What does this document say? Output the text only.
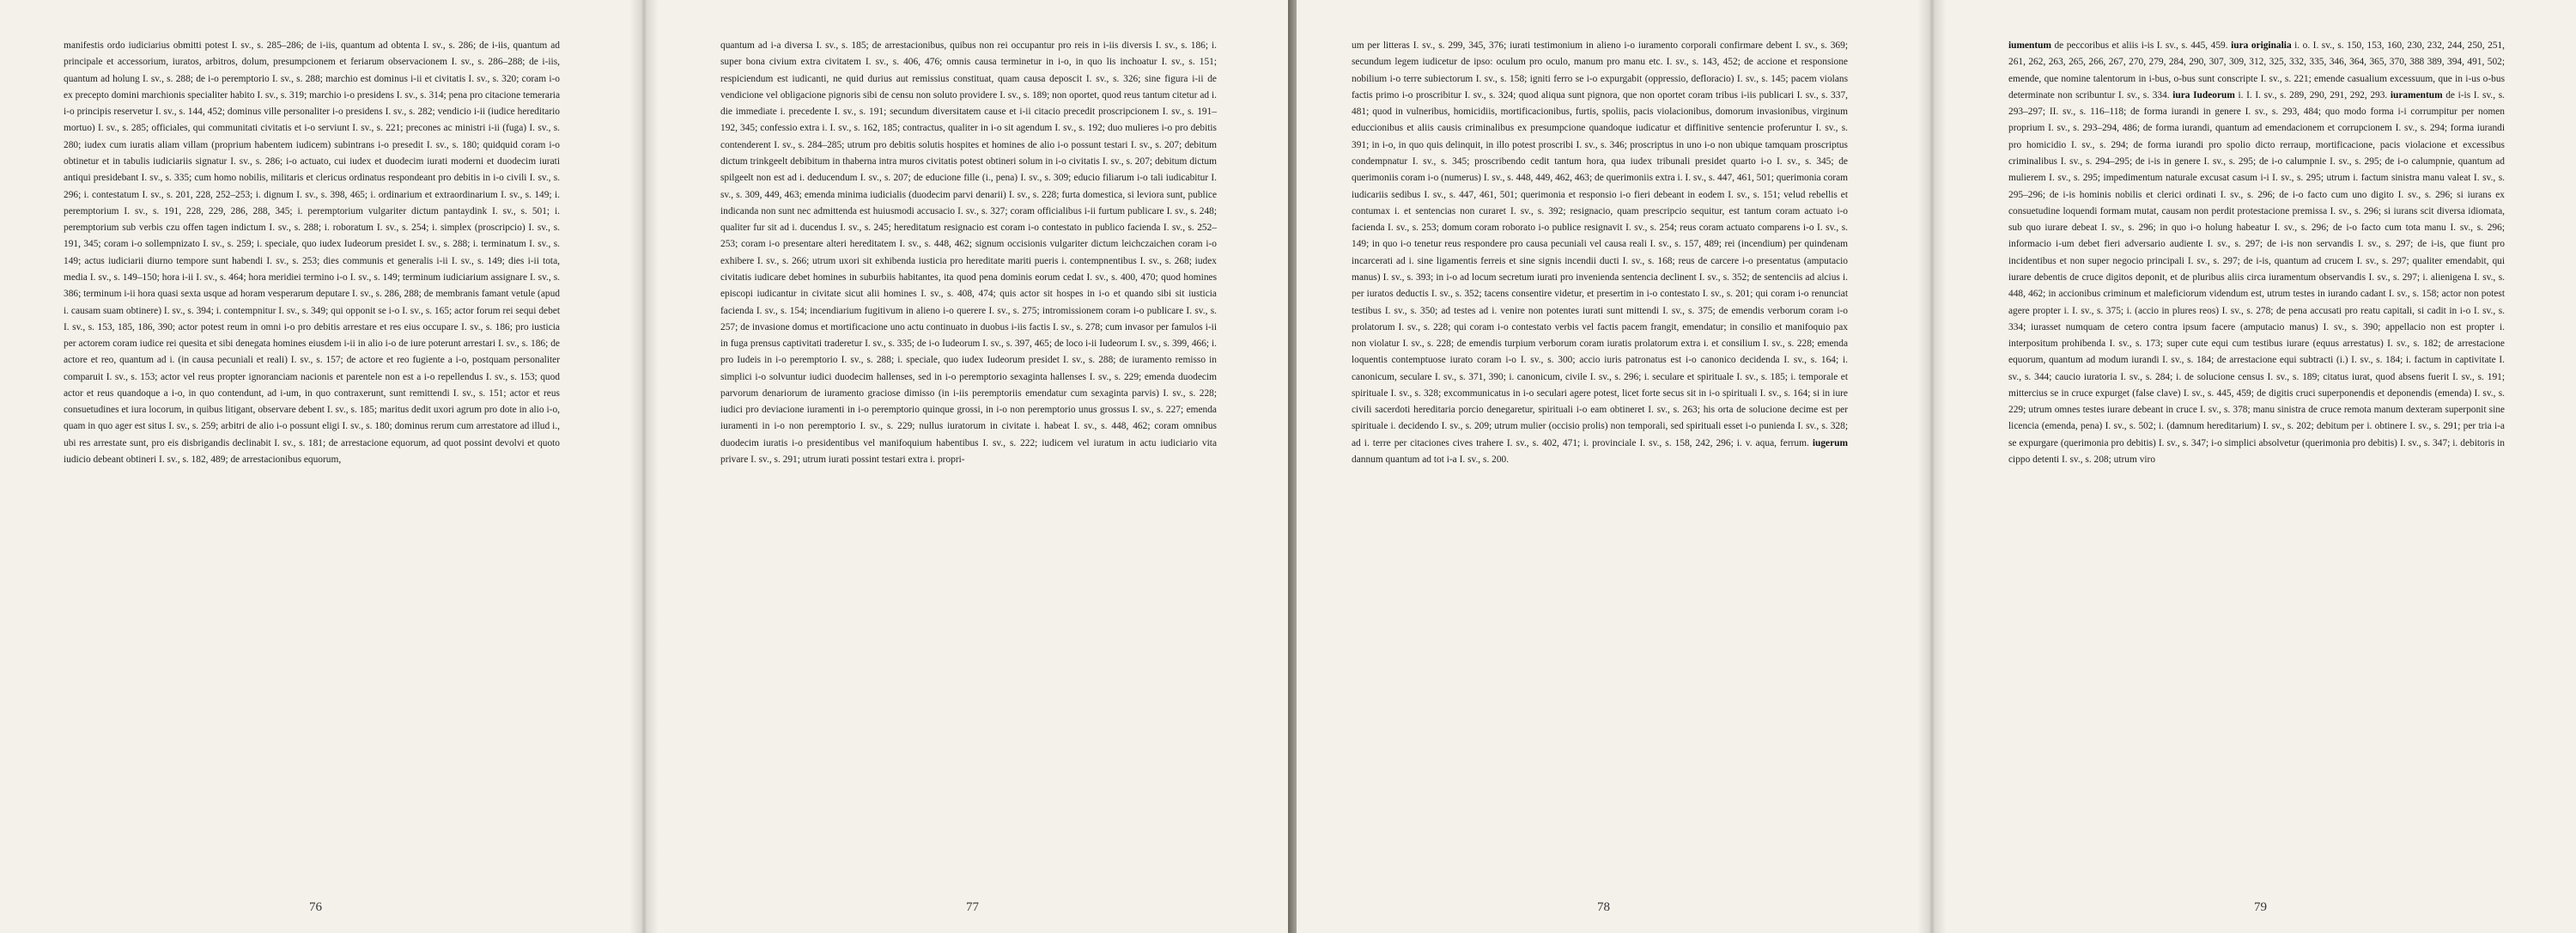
manifestis ordo iudiciarius obmitti potest I. sv., s. 285–286; de i-iis, quantum ad obtenta I. sv., s. 286; de i-iis, quantum ad principale et accessorium, iuratos, arbitros, dolum, presumpcionem et feriarum observacionem I. sv., s. 286–288; de i-iis, quantum ad holung I. sv., s. 288; de i-o peremptorio I. sv., s. 288; marchio est dominus i-ii et civitatis I. sv., s. 320; coram i-o ex precepto domini marchionis specialiter habito I. sv., s. 319; marchio i-o presidens I. sv., s. 314; pena pro citacione temeraria i-o principis reservetur I. sv., s. 144, 452; dominus ville personaliter i-o presidens I. sv., s. 282; vendicio i-ii (iudice hereditario mortuo) I. sv., s. 285; officiales, qui communitati civitatis et i-o serviunt I. sv., s. 221; precones ac ministri i-ii (fuga) I. sv., s. 280; iudex cum iuratis aliam villam (proprium habentem iudicem) subintrans i-o presedit I. sv., s. 180; quidquid coram i-o obtinetur et in tabulis iudiciariis signatur I. sv., s. 286; i-o actuato, cui iudex et duodecim iurati moderni et duodecim iurati antiqui presidebant I. sv., s. 335; cum homo nobilis, militaris et clericus ordinatus respondeant pro debitis in i-o civili I. sv., s. 296; i. contestatum I. sv., s. 201, 228, 252–253; i. dignum I. sv., s. 398, 465; i. ordinarium et extraordinarium I. sv., s. 149; i. peremptorium I. sv., s. 191, 228, 229, 286, 288, 345; i. peremptorium vulgariter dictum pantaydink I. sv., s. 501; i. peremptorium sub verbis czu offen tagen indictum I. sv., s. 288; i. roboratum I. sv., s. 254; i. simplex (proscripcio) I. sv., s. 191, 345; coram i-o sollempnizato I. sv., s. 259; i. speciale, quo iudex Iudeorum presidet I. sv., s. 288; i. terminatum I. sv., s. 149; actus iudiciarii diurno tempore sunt habendi I. sv., s. 253; dies communis et generalis i-ii I. sv., s. 149; dies i-ii tota, media I. sv., s. 149–150; hora i-ii I. sv., s. 464; hora meridiei termino i-o I. sv., s. 149; terminum iudiciarium assignare I. sv., s. 386; terminum i-ii hora quasi sexta usque ad horam vesperarum deputare I. sv., s. 286, 288; de membranis famant vetule (apud i. causam suam obtinere) I. sv., s. 394; i. contempnitur I. sv., s. 349; qui opponit se i-o I. sv., s. 165; actor forum rei sequi debet I. sv., s. 153, 185, 186, 390; actor potest reum in omni i-o pro debitis arrestare et res eius occupare I. sv., s. 186; pro iusticia per actorem coram iudice rei quesita et sibi denegata homines eiusdem i-ii in alio i-o de iure poterunt arrestari I. sv., s. 186; de actore et reo, quantum ad i. (in causa pecuniali et reali) I. sv., s. 157; de actore et reo fugiente a i-o, postquam personaliter comparuit I. sv., s. 153; actor vel reus propter ignoranciam nacionis et parentele non est a i-o repellendus I. sv., s. 153; quod actor et reus quandoque a i-o, in quo contendunt, ad i-um, in quo contraxerunt, sunt remittendi I. sv., s. 151; actor et reus consuetudines et iura locorum, in quibus litigant, observare debent I. sv., s. 185; maritus dedit uxori agrum pro dote in alio i-o, quam in quo ager est situs I. sv., s. 259; arbitri de alio i-o possunt eligi I. sv., s. 180; dominus rerum cum arrestatore ad illud i., ubi res arrestate sunt, pro eis disbrigandis declinabit I. sv., s. 181; de arrestacione equorum, ad quot possint devolvi et quoto iudicio debeant obtineri I. sv., s. 182, 489; de arrestacionibus equorum,
76
quantum ad i-a diversa I. sv., s. 185; de arrestacionibus, quibus non rei occupantur pro reis in i-iis diversis I. sv., s. 186; i. super bona civium extra civitatem I. sv., s. 406, 476; omnis causa terminetur in i-o, in quo lis inchoatur I. sv., s. 151; respiciendum est iudicanti, ne quid durius aut remissius constituat, quam causa deposcit I. sv., s. 326; sine figura i-ii de vendicione vel obligacione pignoris sibi de censu non soluto providere I. sv., s. 189; non oportet, quod reus tantum citetur ad i. die immediate i. precedente I. sv., s. 191; secundum diversitatem cause et i-ii citacio precedit proscripcionem I. sv., s. 191–192, 345; confessio extra i. I. sv., s. 162, 185; contractus, qualiter in i-o sit agendum I. sv., s. 192; duo mulieres i-o pro debitis contenderent I. sv., s. 284–285; utrum pro debitis solutis hospites et homines de alio i-o possunt testari I. sv., s. 207; debitum dictum trinkgeelt debibitum in thaberna intra muros civitatis potest obtineri solum in i-o civitatis I. sv., s. 207; debitum dictum spilgeelt non est ad i. deducendum I. sv., s. 207; de educione fille (i., pena) I. sv., s. 309; educio filiarum i-o tali iudicabitur I. sv., s. 309, 449, 463; emenda minima iudicialis (duodecim parvi denarii) I. sv., s. 228; furta domestica, si leviora sunt, publice indicanda non sunt nec admittenda est huiusmodi accusacio I. sv., s. 327; coram officialibus i-ii furtum publicare I. sv., s. 248; qualiter fur sit ad i. ducendus I. sv., s. 245; hereditatum resignacio est coram i-o contestato in publico facienda I. sv., s. 252–253; coram i-o presentare alteri hereditatem I. sv., s. 448, 462; signum occisionis vulgariter dictum leichczaichen coram i-o exhibere I. sv., s. 266; utrum uxori sit exhibenda iusticia pro hereditate mariti pueris i. contempnentibus I. sv., s. 268; iudex civitatis iudicare debet homines in suburbiis habitantes, ita quod pena dominis eorum cedat I. sv., s. 400, 470; quod homines episcopi iudicantur in civitate sicut alii homines I. sv., s. 408, 474; quis actor sit hospes in i-o et quando sibi sit iusticia facienda I. sv., s. 154; incendiarium fugitivum in alieno i-o querere I. sv., s. 275; intromissionem coram i-o publicare I. sv., s. 257; de invasione domus et mortificacione uno actu continuato in duobus i-iis factis I. sv., s. 278; cum invasor per famulos i-ii in fuga prensus captivitati traderetur I. sv., s. 335; de i-o Iudeorum I. sv., s. 397, 465; de loco i-ii Iudeorum I. sv., s. 399, 466; i. pro Iudeis in i-o peremptorio I. sv., s. 288; i. speciale, quo iudex Iudeorum presidet I. sv., s. 288; de iuramento remisso in simplici i-o solvuntur iudici duodecim hallenses, sed in i-o peremptorio sexaginta hallenses I. sv., s. 229; emenda duodecim parvorum denariorum de iuramento graciose dimisso (in i-iis peremptoriis emendatur cum sexaginta parvis) I. sv., s. 228; iudici pro deviacione iuramenti in i-o peremptorio quinque grossi, in i-o non peremptorio unus grossus I. sv., s. 227; emenda iuramenti in i-o non peremptorio I. sv., s. 229; nullus iuratorum in civitate i. habeat I. sv., s. 448, 462; coram omnibus duodecim iuratis i-o presidentibus vel manifoquium habentibus I. sv., s. 222; iudicem vel iuratum in actu iudiciario vita privare I. sv., s. 291; utrum iurati possint testari extra i. propri-
77
um per litteras I. sv., s. 299, 345, 376; iurati testimonium in alieno i-o iuramento corporali confirmare debent I. sv., s. 369; secundum legem iudicetur de ipso: oculum pro oculo, manum pro manu etc. I. sv., s. 143, 452; de accione et responsione nobilium i-o terre subiectorum I. sv., s. 158; igniti ferro se i-o expurgabit (oppressio, defloracio) I. sv., s. 145; pacem violans factis primo i-o proscribitur I. sv., s. 324; quod aliqua sunt pignora, que non oportet coram tribus i-iis publicari I. sv., s. 337, 481; quod in vulneribus, homicidiis, mortificacionibus, furtis, spoliis, pacis violacionibus, domorum invasionibus, virginum educcionibus et aliis causis criminalibus ex presumpcione quandoque iudicatur et diffinitive sentencie proferuntur I. sv., s. 391; in i-o, in quo quis delinquit, in illo potest proscribi I. sv., s. 346; proscriptus in uno i-o non ubique tamquam proscriptus condempnatur I. sv., s. 345; proscribendo cedit tantum hora, qua iudex tribunali presidet quarto i-o I. sv., s. 345; de querimoniis coram i-o (numerus) I. sv., s. 448, 449, 462, 463; de querimoniis extra i. I. sv., s. 447, 461, 501; querimonia coram iudicariis sedibus I. sv., s. 447, 461, 501; querimonia et responsio i-o fieri debeant in eodem I. sv., s. 151; velud rebellis et contumax i. et sentencias non curaret I. sv., s. 392; resignacio, quam prescripcio sequitur, est tantum coram actuato i-o facienda I. sv., s. 253; domum coram roborato i-o publice resignavit I. sv., s. 254; reus coram actuato comparens i-o I. sv., s. 149; in quo i-o tenetur reus respondere pro causa pecuniali vel causa reali I. sv., s. 157, 489; rei (incendium) per quindenam incarcerati ad i. sine ligamentis ferreis et sine signis incendii ducti I. sv., s. 168; reus de carcere i-o presentatus (amputacio manus) I. sv., s. 393; in i-o ad locum secretum iurati pro invenienda sentencia declinent I. sv., s. 352; de sentenciis ad alcius i. per iuratos deductis I. sv., s. 352; tacens consentire videtur, et presertim in i-o contestato I. sv., s. 201; qui coram i-o renunciat testibus I. sv., s. 350; ad testes ad i. venire non potentes iurati sunt mittendi I. sv., s. 375; de emendis verborum coram i-o prolatorum I. sv., s. 228; qui coram i-o contestato verbis vel factis pacem frangit, emendatur; in consilio et manifoquio pax non violatur I. sv., s. 228; de emendis turpium verborum coram iuratis prolatorum extra i. et consilium I. sv., s. 228; emenda loquentis contemptuose iurato coram i-o I. sv., s. 300; accio iuris patronatus est i-o canonico decidenda I. sv., s. 164; i. canonicum, seculare I. sv., s. 371, 390; i. canonicum, civile I. sv., s. 296; i. seculare et spirituale I. sv., s. 185; i. temporale et spirituale I. sv., s. 328; excommunicatus in i-o seculari agere potest, licet forte secus sit in i-o spirituali I. sv., s. 164; si in iure civili sacerdoti hereditaria porcio denegaretur, spirituali i-o eam obtineret I. sv., s. 263; his orta de solucione decime est per spirituale i. decidendo I. sv., s. 209; utrum mulier (occisio prolis) non temporali, sed spirituali esset i-o punienda I. sv., s. 328; ad i. terre per citaciones cives trahere I. sv., s. 402, 471; i. provinciale I. sv., s. 158, 242, 296; i. v. aqua, ferrum. iugerum dannum quantum ad tot i-a I. sv., s. 200.
78
iumentum de peccoribus et aliis i-is I. sv., s. 445, 459. iura originalia i. o. I. sv., s. 150, 153, 160, 230, 232, 244, 250, 251, 261, 262, 263, 265, 266, 267, 270, 279, 284, 290, 307, 309, 312, 325, 332, 335, 346, 364, 365, 370, 388 389, 394, 491, 502; emende, que nomine talentorum in i-bus, o-bus sunt conscripte I. sv., s. 221; emende casualium excessuum, que in i-us o-bus determinate non scribuntur I. sv., s. 334. iura Iudeorum i. I. I. sv., s. 289, 290, 291, 292, 293. iuramentum de i-is I. sv., s. 293–297; II. sv., s. 116–118; de forma iurandi in genere I. sv., s. 293, 484; quo modo forma i-i corrumpitur per nomen proprium I. sv., s. 293–294, 486; de forma iurandi, quantum ad emendacionem et corrupcionem I. sv., s. 294; forma iurandi pro homicidio I. sv., s. 294; de forma iurandi pro spolio dicto rerraup, mortificacione, pacis violacione et excessibus criminalibus I. sv., s. 294–295; de i-is in genere I. sv., s. 295; de i-o calumpnie I. sv., s. 295; de i-o calumpnie, quantum ad mulierem I. sv., s. 295; impedimentum naturale excusat casum i-i I. sv., s. 295; utrum i. factum sinistra manu valeat I. sv., s. 295–296; de i-is hominis nobilis et clerici ordinati I. sv., s. 296; de i-o facto cum uno digito I. sv., s. 296; si iurans ex consuetudine loquendi formam mutat, causam non perdit protestacione premissa I. sv., s. 296; si iurans scit diversa idiomata, sub quo iurare debeat I. sv., s. 296; in quo i-o holung habeatur I. sv., s. 296; de i-o facto cum tota manu I. sv., s. 296; informacio i-um debet fieri adversario audiente I. sv., s. 297; de i-is non servandis I. sv., s. 297; de i-is, que fiunt pro incidentibus et non super negocio principali I. sv., s. 297; de i-is, quantum ad crucem I. sv., s. 297; qualiter emendabit, qui iurare debentis de cruce digitos deponit, et de pluribus aliis circa iuramentum observandis I. sv., s. 297; i. alienigena I. sv., s. 448, 462; in accionibus criminum et maleficiorum videndum est, utrum testes in iurando cadant I. sv., s. 158; actor non potest agere propter i. I. sv., s. 375; i. (accio in plures reos) I. sv., s. 278; de pena accusati pro reatu capitali, si cadit in i-o I. sv., s. 334; iurasset numquam de cetero contra ipsum facere (amputacio manus) I. sv., s. 390; appellacio non est propter i. interpositum prohibenda I. sv., s. 173; super cute equi cum testibus iurare (equus arrestatus) I. sv., s. 182; de arrestacione equorum, quantum ad modum iurandi I. sv., s. 184; de arrestacione equi subtracti (i.) I. sv., s. 184; i. factum in captivitate I. sv., s. 344; caucio iuratoria I. sv., s. 284; i. de solucione census I. sv., s. 189; citatus iurat, quod absens fuerit I. sv., s. 191; mittercius se in cruce expurget (false clave) I. sv., s. 445, 459; de digitis cruci superponendis et deponendis (emenda) I. sv., s. 229; utrum omnes testes iurare debeant in cruce I. sv., s. 378; manu sinistra de cruce remota manum dexteram superponit sine licencia (emenda, pena) I. sv., s. 502; i. (damnum hereditarium) I. sv., s. 202; debitum per i. obtinere I. sv., s. 291; per tria i-a se expurgare (querimonia pro debitis) I. sv., s. 347; i-o simplici absolvetur (querimonia pro debitis) I. sv., s. 347; i. debitoris in cippo detenti I. sv., s. 208; utrum viro
79
